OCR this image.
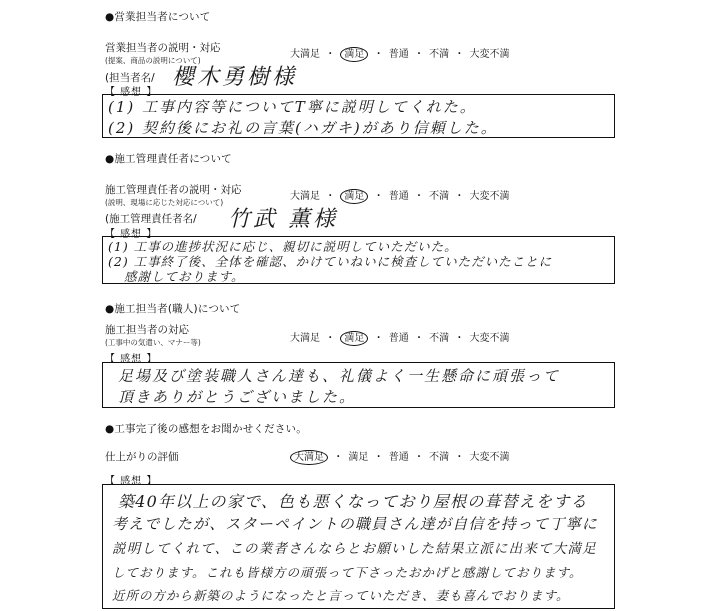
●営業担当者について
営業担当者の説明・対応
(提案、商品の説明について)
大満足 ・ 満足 ・ 普通 ・ 不満 ・ 大変不満
(担当者名/ 櫻木勇樹様
【 感想 】
(1) 工事内容等についてT寧に説明してくれた。
(2) 契約後にお礼の言葉(ハガキ)があり信頼した。
●施工管理責任者について
施工管理責任者の説明・対応
(説明、現場に応じた対応について)
大満足 ・ 満足 ・ 普通 ・ 不満 ・ 大変不満
(施工管理責任者名/ 竹武 薫様
【 感想 】
(1) 工事の進捗状況に応じ、親切に説明していただいた。
(2) 工事終了後、全体を確認、かけていねいに検査していただいたことに
感謝しております。
●施工担当者(職人)について
施工担当者の対応
(工事中の気遣い、マナー等)	大満足 ・ 満足 ・ 普通 ・ 不満 ・ 大変不満
【 感想 】
足場及び塗装職人さん達も、礼儀よく一生懸命に頑張って
頂きありがとうございました。
●工事完了後の感想をお聞かせください。
仕上がりの評価	大満足 ・ 満足 ・ 普通 ・ 不満 ・ 大変不満
【 感想 】
築40年以上の家で、色も悪くなっており屋根の葺替えをする
考えでしたが、スターペイントの職員さん達が自信を持って丁寧に
説明してくれて、この業者さんならとお願いした結果立派に出来て大満足
しております。これも皆様方の頑張って下さったおかげと感謝しております。
近所の方から新築のようになったと言っていただき、妻も喜んでおります。
